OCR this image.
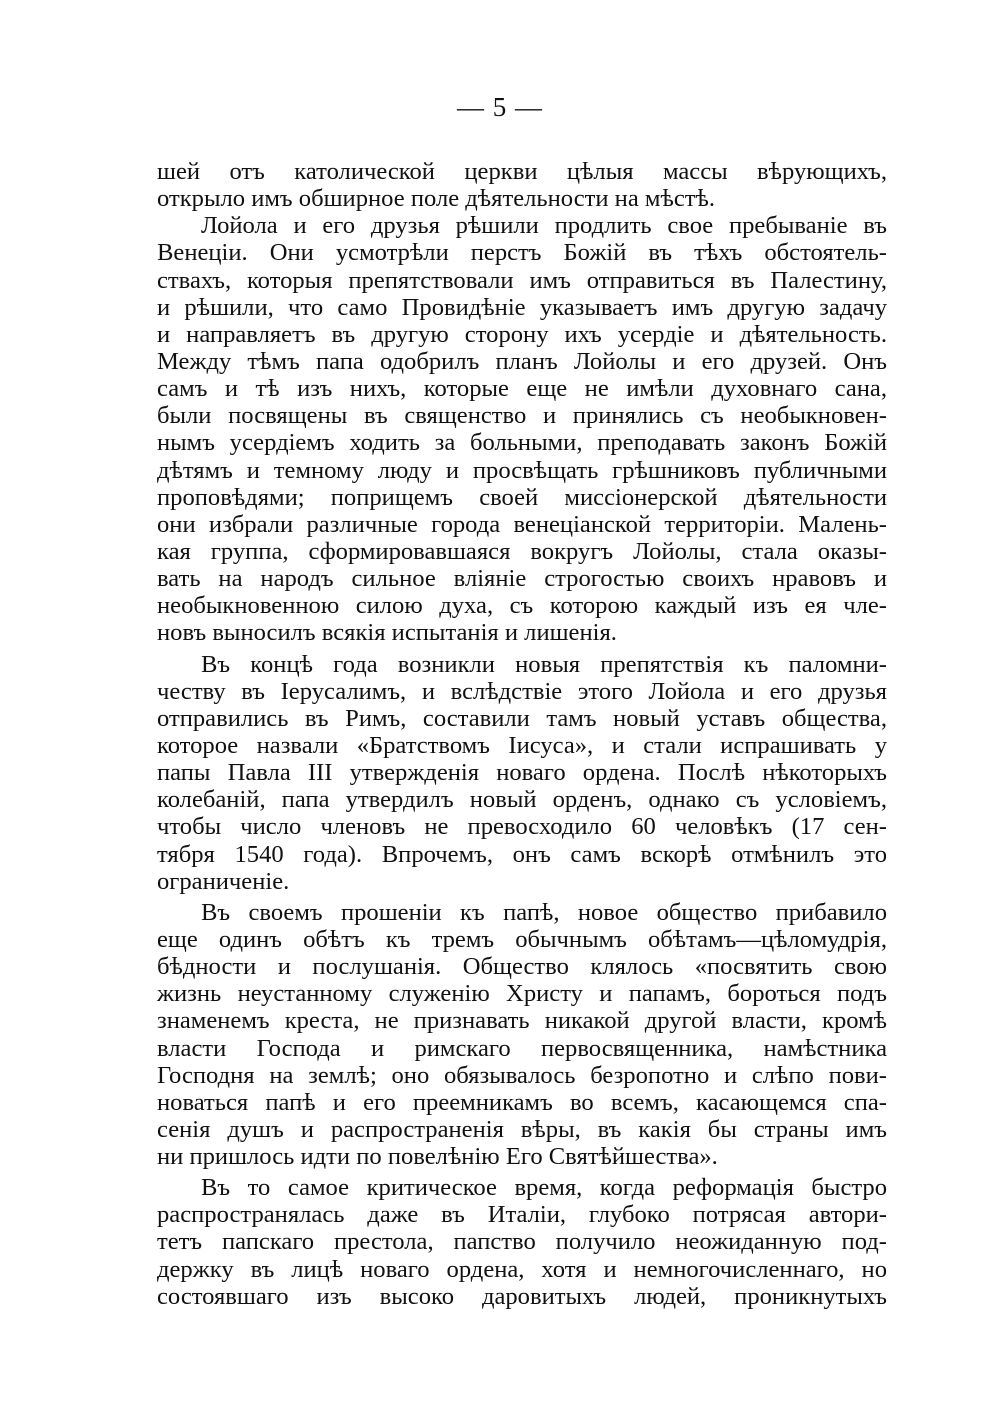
— 5 —
шей отъ католической церкви цѣлыя массы вѣрующихъ,
открыло имъ обширное поле дѣятельности на мѣстѣ.
Лойола и его друзья рѣшили продлить свое пребываніе въ
Венеціи. Они усмотрѣли перстъ Божій въ тѣхъ обстоятель-
ствахъ, которыя препятствовали имъ отправиться въ Палестину,
и рѣшили, что само Провидѣніе указываетъ имъ другую задачу
и направляетъ въ другую сторону ихъ усердіе и дѣятельность.
Между тѣмъ папа одобрилъ планъ Лойолы и его друзей. Онъ
самъ и тѣ изъ нихъ, которые еще не имѣли духовнаго сана,
были посвящены въ священство и принялись съ необыкновен-
нымъ усердіемъ ходить за больными, преподавать законъ Божій
дѣтямъ и темному люду и просвѣщать грѣшниковъ публичными
проповѣдями; поприщемъ своей миссіонерской дѣятельности
они избрали различные города венеціанской территоріи. Малень-
кая группа, сформировавшаяся вокругъ Лойолы, стала оказы-
вать на народъ сильное вліяніе строгостью своихъ нравовъ и
необыкновенною силою духа, съ которою каждый изъ ея чле-
новъ выносилъ всякія испытанія и лишенія.
Въ концѣ года возникли новыя препятствія къ паломни-
честву въ Іерусалимъ, и вслѣдствіе этого Лойола и его друзья
отправились въ Римъ, составили тамъ новый уставъ общества,
которое назвали «Братствомъ Іисуса», и стали испрашивать у
папы Павла III утвержденія новаго ордена. Послѣ нѣкоторыхъ
колебаній, папа утвердилъ новый орденъ, однако съ условіемъ,
чтобы число членовъ не превосходило 60 человѣкъ (17 сен-
тября 1540 года). Впрочемъ, онъ самъ вскорѣ отмѣнилъ это
ограниченіе.
Въ своемъ прошеніи къ папѣ, новое общество прибавило
еще одинъ обѣтъ къ тремъ обычнымъ обѣтамъ—цѣломудрія,
бѣдности и послушанія. Общество клялось «посвятить свою
жизнь неустанному служенію Христу и папамъ, бороться подъ
знаменемъ креста, не признавать никакой другой власти, кромѣ
власти Господа и римскаго первосвященника, намѣстника
Господня на землѣ; оно обязывалось безропотно и слѣпо пови-
новаться папѣ и его преемникамъ во всемъ, касающемся спа-
сенія душъ и распространенія вѣры, въ какія бы страны имъ
ни пришлось идти по повелѣнію Его Святѣйшества».
Въ то самое критическое время, когда реформація быстро
распространялась даже въ Италіи, глубоко потрясая автори-
тетъ папскаго престола, папство получило неожиданную под-
держку въ лицѣ новаго ордена, хотя и немногочисленнаго, но
состоявшаго изъ высоко даровитыхъ людей, проникнутыхъ
